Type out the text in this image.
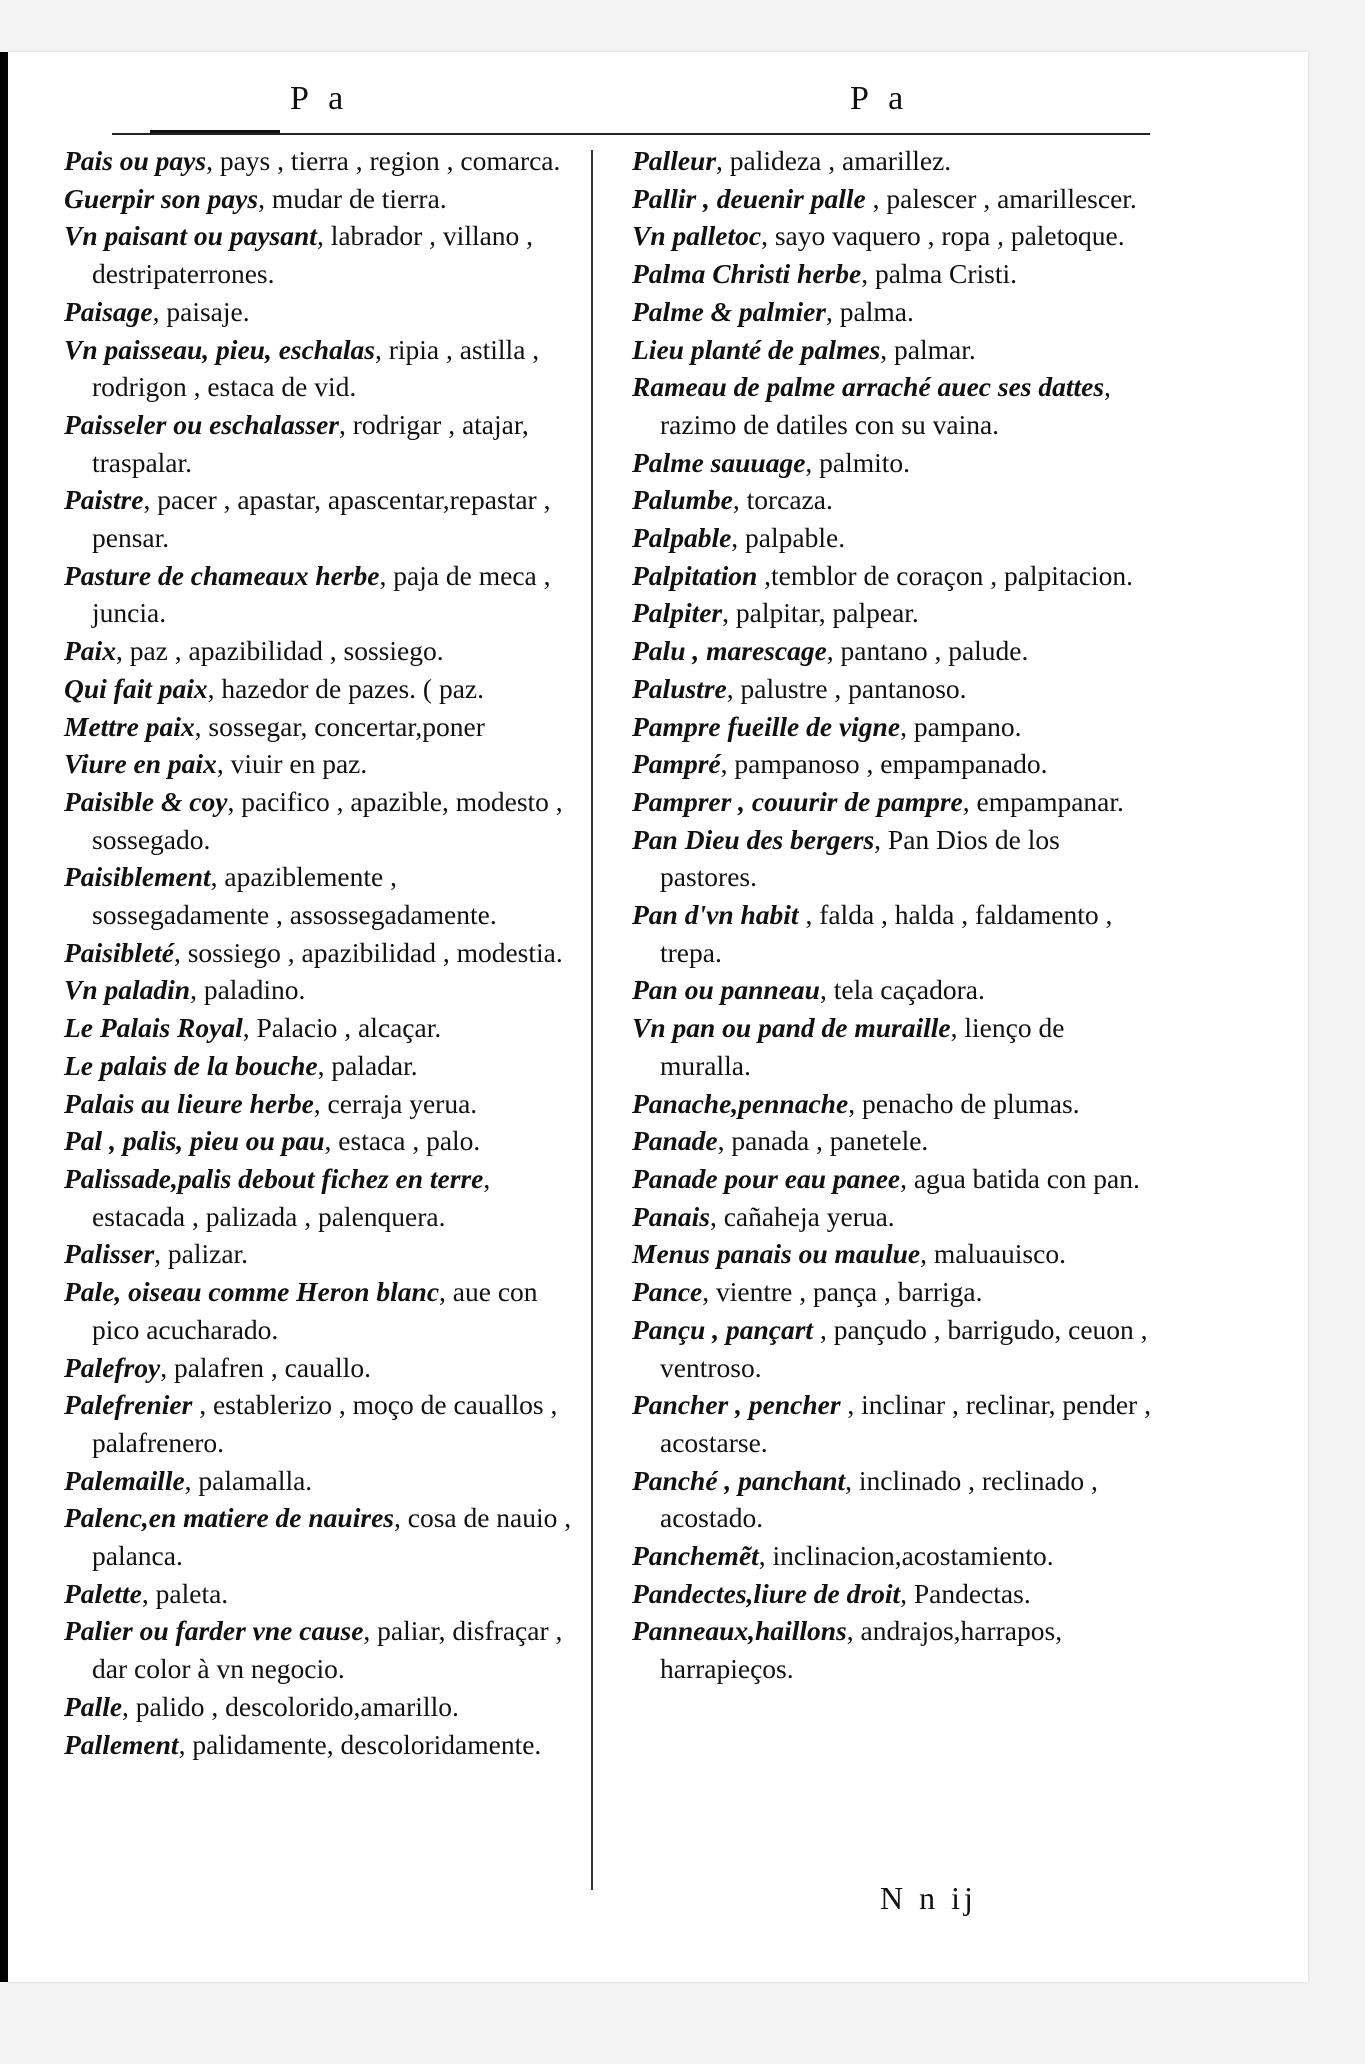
P a	P a

Pais ou pays, pays , tierra , region , comarca.

Guerpir son pays, mudar de tierra.

Vn paisant ou paysant, labrador , villano , destripaterrones.

Paisage, paisaje.

Vn paisseau, pieu, eschalas, ripia , astilla , rodrigon , estaca de vid.

Paisseler ou eschalasser, rodrigar , atajar, traspalar.

Paistre, pacer , apastar, apascentar,repastar , pensar.

Pasture de chameaux herbe, paja de meca , juncia.

Paix, paz , apazibilidad , sossiego.

Qui fait paix, hazedor de pazes. ( paz.

Mettre paix, sossegar, concertar,poner

Viure en paix, viuir en paz.

Paisible & coy, pacifico , apazible, modesto , sossegado.

Paisiblement, apaziblemente , sossegadamente , assossegadamente.

Paisibleté, sossiego , apazibilidad , modestia.

Vn paladin, paladino.

Le Palais Royal, Palacio , alcaçar.

Le palais de la bouche, paladar.

Palais au lieure herbe, cerraja yerua.

Pal , palis, pieu ou pau, estaca , palo.

Palissade,palis debout fichez en terre, estacada , palizada , palenquera.

Palisser, palizar.

Pale, oiseau comme Heron blanc, aue con pico acucharado.

Palefroy, palafren , cauallo.

Palefrenier , establerizo , moço de cauallos , palafrenero.

Palemaille, palamalla.

Palenc,en matiere de nauires, cosa de nauio , palanca.

Palette, paleta.

Palier ou farder vne cause, paliar, disfraçar , dar color à vn negocio.

Palle, palido , descolorido,amarillo.

Pallement, palidamente, descoloridamente.

Palleur, palideza , amarillez.

Pallir , deuenir palle , palescer , amarillescer.

Vn palletoc, sayo vaquero , ropa , paletoque.

Palma Christi herbe, palma Cristi.

Palme & palmier, palma.

Lieu planté de palmes, palmar.

Rameau de palme arraché auec ses dattes, razimo de datiles con su vaina.

Palme sauuage, palmito.

Palumbe, torcaza.

Palpable, palpable.

Palpitation ,temblor de coraçon , palpitacion.

Palpiter, palpitar, palpear.

Palu , marescage, pantano , palude.

Palustre, palustre , pantanoso.

Pampre fueille de vigne, pampano.

Pampré, pampanoso , empampanado.

Pamprer , couurir de pampre, empampanar.

Pan Dieu des bergers, Pan Dios de los pastores.

Pan d'vn habit , falda , halda , faldamento , trepa.

Pan ou panneau, tela caçadora.

Vn pan ou pand de muraille, lienço de muralla.

Panache,pennache, penacho de plumas.

Panade, panada , panetele.

Panade pour eau panee, agua batida con pan.

Panais, cañaheja yerua.

Menus panais ou maulue, maluauisco.

Pance, vientre , pança , barriga.

Pançu , pançart , pançudo , barrigudo, ceuon , ventroso.

Pancher , pencher , inclinar , reclinar, pender , acostarse.

Panché , panchant, inclinado , reclinado , acostado.

Panchemẽt, inclinacion,acostamiento.

Pandectes,liure de droit, Pandectas.

Panneaux,haillons, andrajos,harrapos, harrapieços.

N n ij
